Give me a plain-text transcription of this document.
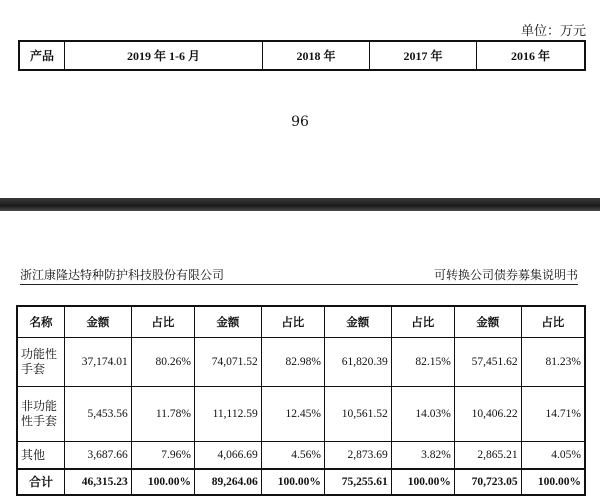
单位：万元
产品	2019 年 1-6 月	2018 年	2017 年	2016 年
96
浙江康隆达特种防护科技股份有限公司	可转换公司债券募集说明书
名称	金额	占比	金额	占比	金额	占比	金额	占比
功能性手套	37,174.01	80.26%	74,071.52	82.98%	61,820.39	82.15%	57,451.62	81.23%
非功能性手套	5,453.56	11.78%	11,112.59	12.45%	10,561.52	14.03%	10,406.22	14.71%
其他	3,687.66	7.96%	4,066.69	4.56%	2,873.69	3.82%	2,865.21	4.05%
合计	46,315.23	100.00%	89,264.06	100.00%	75,255.61	100.00%	70,723.05	100.00%
